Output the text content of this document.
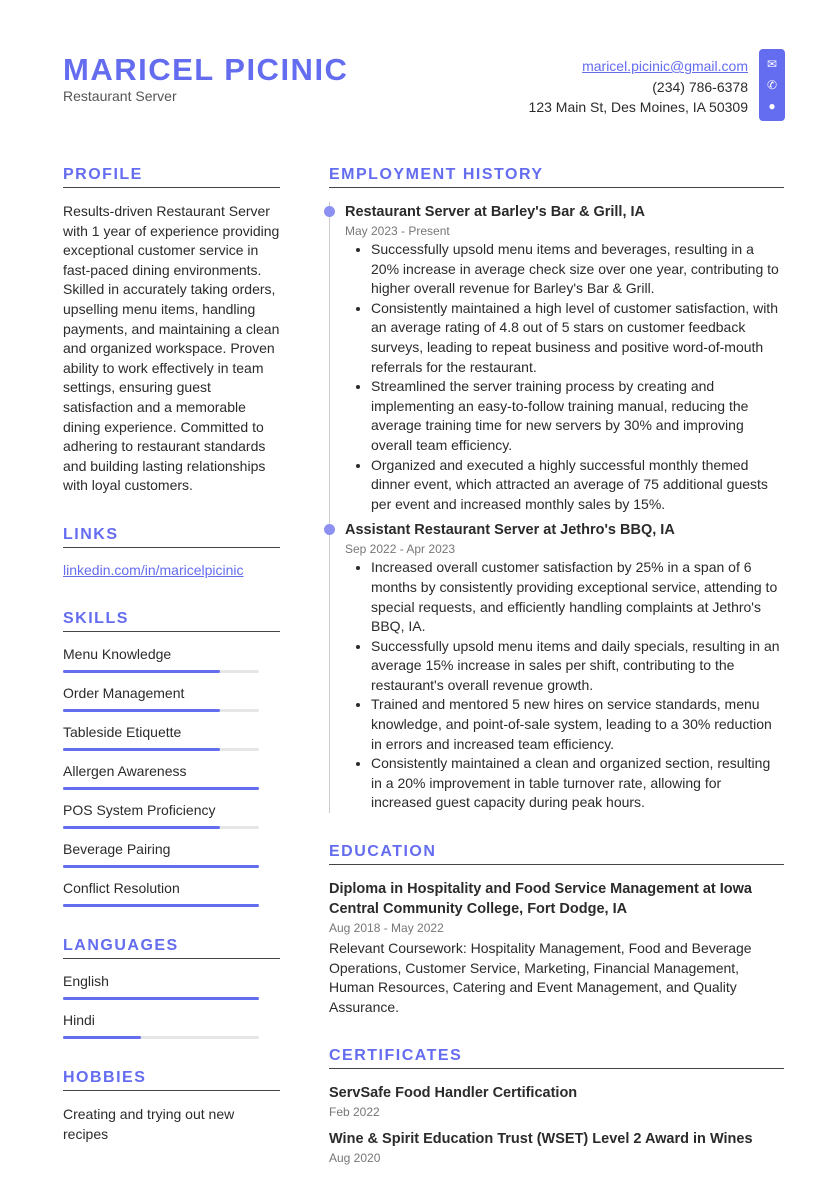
MARICEL PICINIC
Restaurant Server
maricel.picinic@gmail.com
(234) 786-6378
123 Main St, Des Moines, IA 50309
✉
✆
●
PROFILE
Results-driven Restaurant Server with 1 year of experience providing exceptional customer service in fast-paced dining environments. Skilled in accurately taking orders, upselling menu items, handling payments, and maintaining a clean and organized workspace. Proven ability to work effectively in team settings, ensuring guest satisfaction and a memorable dining experience. Committed to adhering to restaurant standards and building lasting relationships with loyal customers.
LINKS
linkedin.com/in/maricelpicinic
SKILLS
Menu Knowledge
Order Management
Tableside Etiquette
Allergen Awareness
POS System Proficiency
Beverage Pairing
Conflict Resolution
LANGUAGES
English
Hindi
HOBBIES
Creating and trying out new recipes
EMPLOYMENT HISTORY
Restaurant Server at Barley's Bar & Grill, IA
May 2023 - Present
• Successfully upsold menu items and beverages, resulting in a 20% increase in average check size over one year, contributing to higher overall revenue for Barley's Bar & Grill.
• Consistently maintained a high level of customer satisfaction, with an average rating of 4.8 out of 5 stars on customer feedback surveys, leading to repeat business and positive word-of-mouth referrals for the restaurant.
• Streamlined the server training process by creating and implementing an easy-to-follow training manual, reducing the average training time for new servers by 30% and improving overall team efficiency.
• Organized and executed a highly successful monthly themed dinner event, which attracted an average of 75 additional guests per event and increased monthly sales by 15%.
Assistant Restaurant Server at Jethro's BBQ, IA
Sep 2022 - Apr 2023
• Increased overall customer satisfaction by 25% in a span of 6 months by consistently providing exceptional service, attending to special requests, and efficiently handling complaints at Jethro's BBQ, IA.
• Successfully upsold menu items and daily specials, resulting in an average 15% increase in sales per shift, contributing to the restaurant's overall revenue growth.
• Trained and mentored 5 new hires on service standards, menu knowledge, and point-of-sale system, leading to a 30% reduction in errors and increased team efficiency.
• Consistently maintained a clean and organized section, resulting in a 20% improvement in table turnover rate, allowing for increased guest capacity during peak hours.
EDUCATION
Diploma in Hospitality and Food Service Management at Iowa Central Community College, Fort Dodge, IA
Aug 2018 - May 2022
Relevant Coursework: Hospitality Management, Food and Beverage Operations, Customer Service, Marketing, Financial Management, Human Resources, Catering and Event Management, and Quality Assurance.
CERTIFICATES
ServSafe Food Handler Certification
Feb 2022
Wine & Spirit Education Trust (WSET) Level 2 Award in Wines
Aug 2020
